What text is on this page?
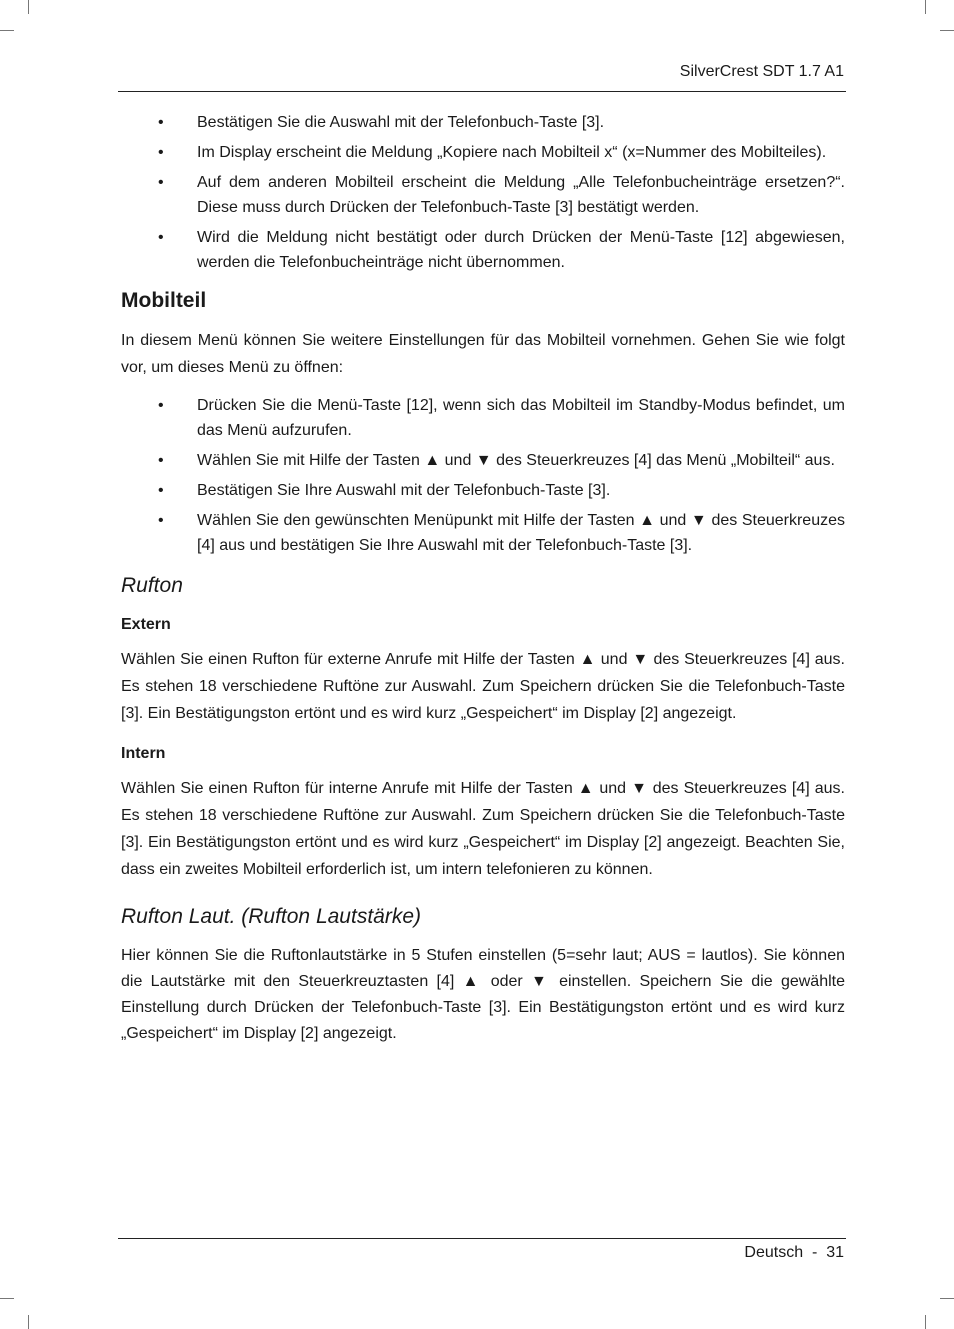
SilverCrest SDT 1.7 A1
• Bestätigen Sie die Auswahl mit der Telefonbuch-Taste [3].
• Im Display erscheint die Meldung „Kopiere nach Mobilteil x“ (x=Nummer des Mobilteiles).
• Auf dem anderen Mobilteil erscheint die Meldung „Alle Telefonbucheinträge ersetzen?“. Diese muss durch Drücken der Telefonbuch-Taste [3] bestätigt werden.
• Wird die Meldung nicht bestätigt oder durch Drücken der Menü-Taste [12] abgewiesen, werden die Telefonbucheinträge nicht übernommen.
Mobilteil

In diesem Menü können Sie weitere Einstellungen für das Mobilteil vornehmen. Gehen Sie wie folgt vor, um dieses Menü zu öffnen:

• Drücken Sie die Menü-Taste [12], wenn sich das Mobilteil im Standby-Modus befindet, um das Menü aufzurufen.
• Wählen Sie mit Hilfe der Tasten ▲ und ▼ des Steuerkreuzes [4] das Menü „Mobilteil“ aus.
• Bestätigen Sie Ihre Auswahl mit der Telefonbuch-Taste [3].
• Wählen Sie den gewünschten Menüpunkt mit Hilfe der Tasten ▲ und ▼ des Steuerkreuzes [4] aus und bestätigen Sie Ihre Auswahl mit der Telefonbuch-Taste [3].
Rufton
Extern

Wählen Sie einen Rufton für externe Anrufe mit Hilfe der Tasten ▲ und ▼ des Steuerkreuzes [4] aus. Es stehen 18 verschiedene Ruftöne zur Auswahl. Zum Speichern drücken Sie die Telefonbuch-Taste [3]. Ein Bestätigungston ertönt und es wird kurz „Gespeichert“ im Display [2] angezeigt.

Intern

Wählen Sie einen Rufton für interne Anrufe mit Hilfe der Tasten ▲ und ▼ des Steuerkreuzes [4] aus. Es stehen 18 verschiedene Ruftöne zur Auswahl. Zum Speichern drücken Sie die Telefonbuch-Taste [3]. Ein Bestätigungston ertönt und es wird kurz „Gespeichert“ im Display [2] angezeigt. Beachten Sie, dass ein zweites Mobilteil erforderlich ist, um intern telefonieren zu können.

Rufton Laut. (Rufton Lautstärke)

Hier können Sie die Ruftonlautstärke in 5 Stufen einstellen (5=sehr laut; AUS = lautlos). Sie können die Lautstärke mit den Steuerkreuztasten [4] ▲ oder ▼ einstellen. Speichern Sie die gewählte Einstellung durch Drücken der Telefonbuch-Taste [3]. Ein Bestätigungston ertönt und es wird kurz „Gespeichert“ im Display [2] angezeigt.

Deutsch  -  31
